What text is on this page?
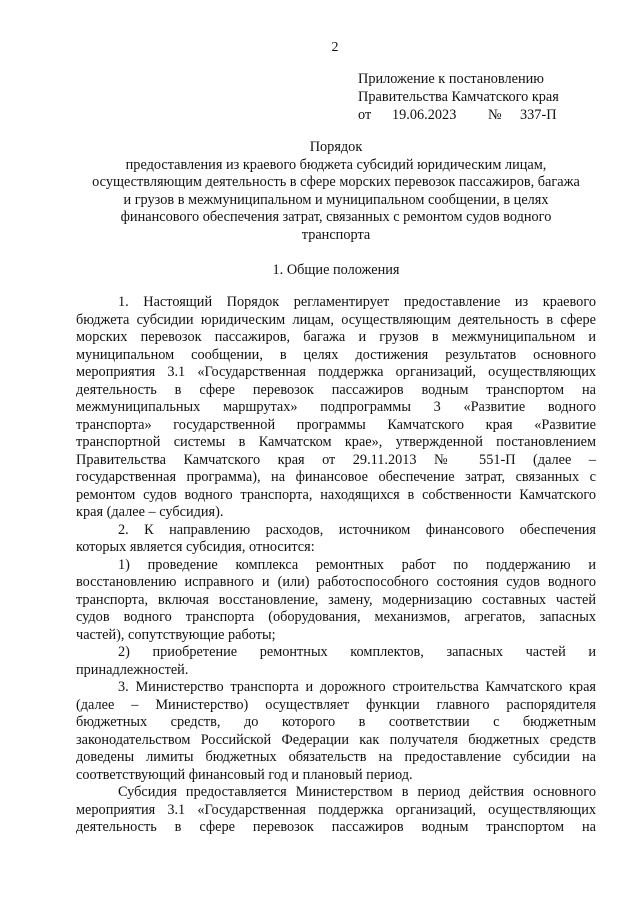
2
Приложение к постановлению
Правительства Камчатского края
от 19.06.2023 № 337-П
Порядок
предоставления из краевого бюджета субсидий юридическим лицам,
осуществляющим деятельность в сфере морских перевозок пассажиров, багажа
и грузов в межмуниципальном и муниципальном сообщении, в целях
финансового обеспечения затрат, связанных с ремонтом судов водного
транспорта
1. Общие положения
1. Настоящий Порядок регламентирует предоставление из краевого
бюджета субсидии юридическим лицам, осуществляющим деятельность в сфере
морских перевозок пассажиров, багажа и грузов в межмуниципальном и
муниципальном сообщении, в целях достижения результатов основного
мероприятия 3.1 «Государственная поддержка организаций, осуществляющих
деятельность в сфере перевозок пассажиров водным транспортом на
межмуниципальных маршрутах» подпрограммы 3 «Развитие водного
транспорта» государственной программы Камчатского края «Развитие
транспортной системы в Камчатском крае», утвержденной постановлением
Правительства Камчатского края от 29.11.2013 № 551-П (далее –
государственная программа), на финансовое обеспечение затрат, связанных с
ремонтом судов водного транспорта, находящихся в собственности Камчатского
края (далее – субсидия).
2. К направлению расходов, источником финансового обеспечения
которых является субсидия, относится:
1) проведение комплекса ремонтных работ по поддержанию и
восстановлению исправного и (или) работоспособного состояния судов водного
транспорта, включая восстановление, замену, модернизацию составных частей
судов водного транспорта (оборудования, механизмов, агрегатов, запасных
частей), сопутствующие работы;
2) приобретение ремонтных комплектов, запасных частей и
принадлежностей.
3. Министерство транспорта и дорожного строительства Камчатского края
(далее – Министерство) осуществляет функции главного распорядителя
бюджетных средств, до которого в соответствии с бюджетным
законодательством Российской Федерации как получателя бюджетных средств
доведены лимиты бюджетных обязательств на предоставление субсидии на
соответствующий финансовый год и плановый период.
Субсидия предоставляется Министерством в период действия основного
мероприятия 3.1 «Государственная поддержка организаций, осуществляющих
деятельность в сфере перевозок пассажиров водным транспортом на
